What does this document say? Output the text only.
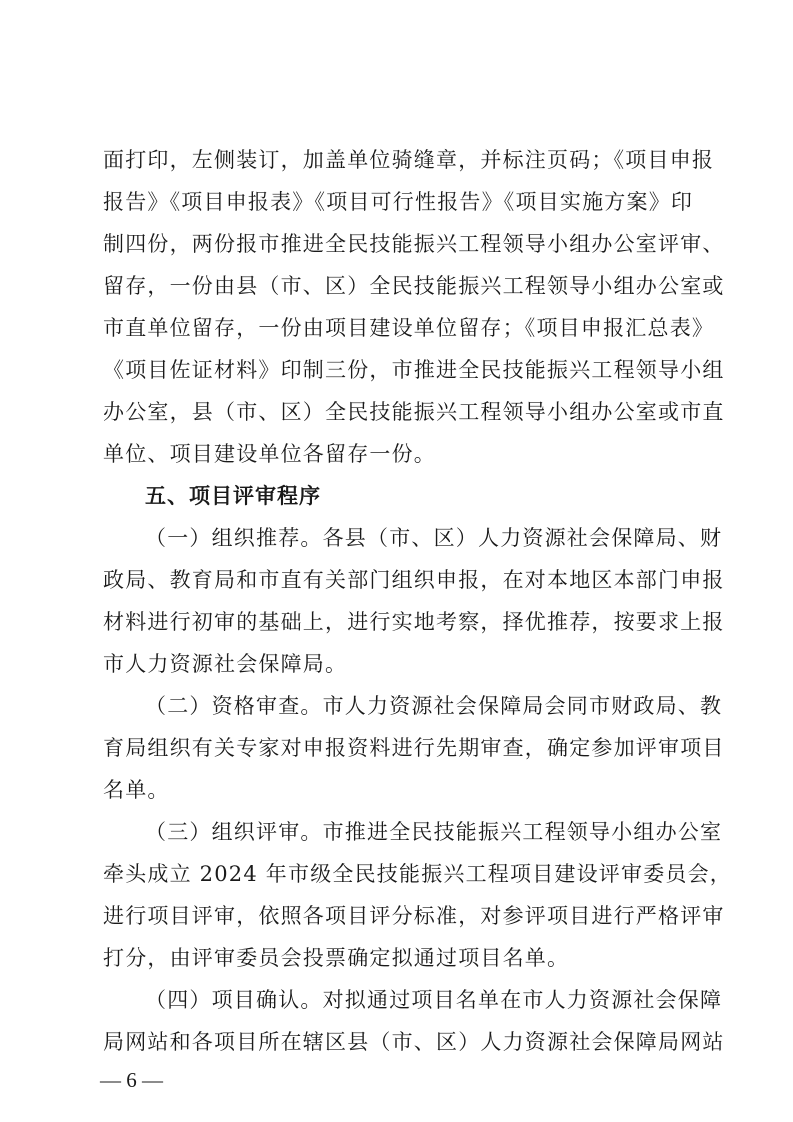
面打印，左侧装订，加盖单位骑缝章，并标注页码；《项目申报
报告》《项目申报表》《项目可行性报告》《项目实施方案》印
制四份，两份报市推进全民技能振兴工程领导小组办公室评审、
留存，一份由县（市、区）全民技能振兴工程领导小组办公室或
市直单位留存，一份由项目建设单位留存；《项目申报汇总表》
《项目佐证材料》印制三份，市推进全民技能振兴工程领导小组
办公室，县（市、区）全民技能振兴工程领导小组办公室或市直
单位、项目建设单位各留存一份。
五、项目评审程序
（一）组织推荐。各县（市、区）人力资源社会保障局、财
政局、教育局和市直有关部门组织申报，在对本地区本部门申报
材料进行初审的基础上，进行实地考察，择优推荐，按要求上报
市人力资源社会保障局。
（二）资格审查。市人力资源社会保障局会同市财政局、教
育局组织有关专家对申报资料进行先期审查，确定参加评审项目
名单。
（三）组织评审。市推进全民技能振兴工程领导小组办公室
牵头成立 2024 年市级全民技能振兴工程项目建设评审委员会，
进行项目评审，依照各项目评分标准，对参评项目进行严格评审
打分，由评审委员会投票确定拟通过项目名单。
（四）项目确认。对拟通过项目名单在市人力资源社会保障
局网站和各项目所在辖区县（市、区）人力资源社会保障局网站
— 6 —
